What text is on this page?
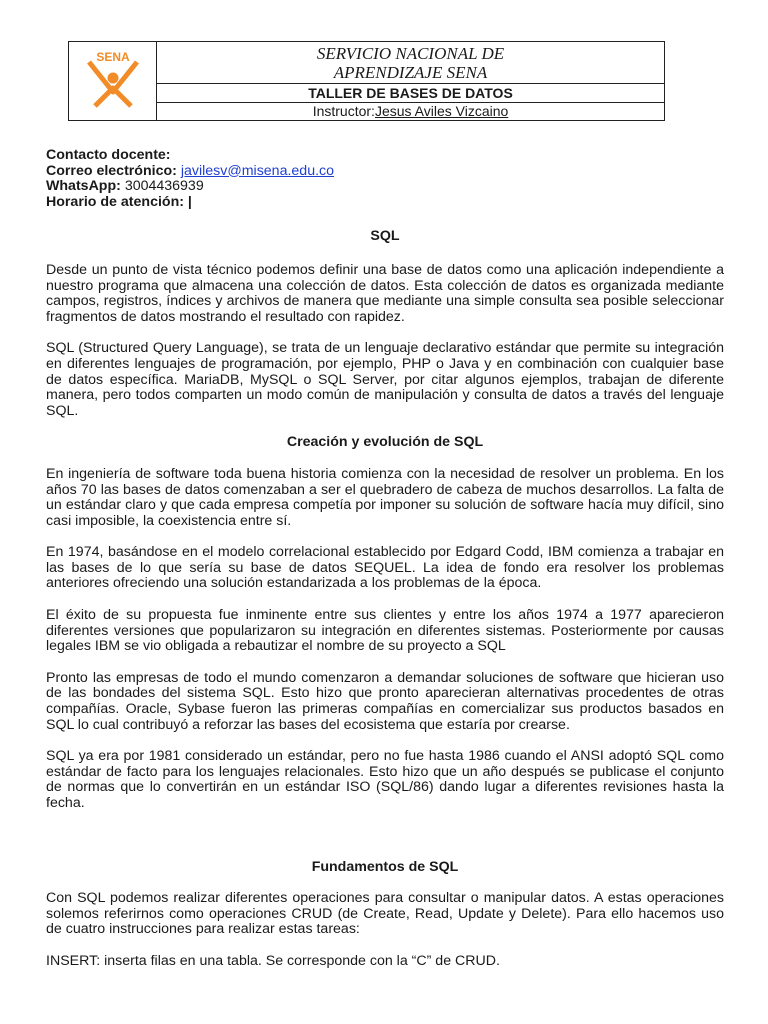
SENA	SERVICIO NACIONAL DE
APRENDIZAJE SENA
TALLER DE BASES DE DATOS
Instructor: Jesus Aviles Vizcaino
Contacto docente:
Correo electrónico: javilesv@misena.edu.co
WhatsApp: 3004436939
Horario de atención: |
SQL

Desde un punto de vista técnico podemos definir una base de datos como una aplicación independiente a nuestro programa que almacena una colección de datos. Esta colección de datos es organizada mediante campos, registros, índices y archivos de manera que mediante una simple consulta sea posible seleccionar fragmentos de datos mostrando el resultado con rapidez.

SQL (Structured Query Language), se trata de un lenguaje declarativo estándar que permite su integración en diferentes lenguajes de programación, por ejemplo, PHP o Java y en combinación con cualquier base de datos específica. MariaDB, MySQL o SQL Server, por citar algunos ejemplos, trabajan de diferente manera, pero todos comparten un modo común de manipulación y consulta de datos a través del lenguaje SQL.

Creación y evolución de SQL

En ingeniería de software toda buena historia comienza con la necesidad de resolver un problema. En los años 70 las bases de datos comenzaban a ser el quebradero de cabeza de muchos desarrollos. La falta de un estándar claro y que cada empresa competía por imponer su solución de software hacía muy difícil, sino casi imposible, la coexistencia entre sí.

En 1974, basándose en el modelo correlacional establecido por Edgard Codd, IBM comienza a trabajar en las bases de lo que sería su base de datos SEQUEL. La idea de fondo era resolver los problemas anteriores ofreciendo una solución estandarizada a los problemas de la época.

El éxito de su propuesta fue inminente entre sus clientes y entre los años 1974 a 1977 aparecieron diferentes versiones que popularizaron su integración en diferentes sistemas. Posteriormente por causas legales IBM se vio obligada a rebautizar el nombre de su proyecto a SQL

Pronto las empresas de todo el mundo comenzaron a demandar soluciones de software que hicieran uso de las bondades del sistema SQL. Esto hizo que pronto aparecieran alternativas procedentes de otras compañías. Oracle, Sybase fueron las primeras compañías en comercializar sus productos basados en SQL lo cual contribuyó a reforzar las bases del ecosistema que estaría por crearse.

SQL ya era por 1981 considerado un estándar, pero no fue hasta 1986 cuando el ANSI adoptó SQL como estándar de facto para los lenguajes relacionales. Esto hizo que un año después se publicase el conjunto de normas que lo convertirán en un estándar ISO (SQL/86) dando lugar a diferentes revisiones hasta la fecha.

Fundamentos de SQL

Con SQL podemos realizar diferentes operaciones para consultar o manipular datos. A estas operaciones solemos referirnos como operaciones CRUD (de Create, Read, Update y Delete). Para ello hacemos uso de cuatro instrucciones para realizar estas tareas:

INSERT: inserta filas en una tabla. Se corresponde con la “C” de CRUD.
